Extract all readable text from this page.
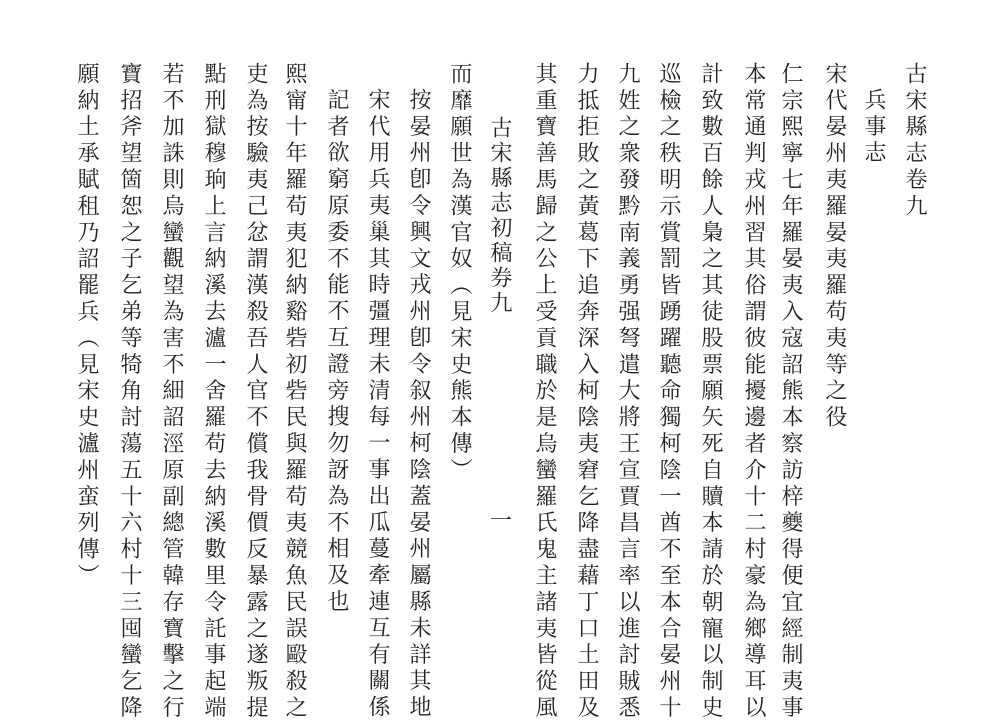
古宋縣志卷九
兵事志
宋代晏州夷羅晏夷羅苟夷等之役
仁宗熙寧七年羅晏夷入寇詔熊本察訪梓夔得便宜經制夷事
本常通判戎州習其俗謂彼能擾邊者介十二村豪為鄉導耳以
計致數百餘人梟之其徒股票願矢死自贖本請於朝寵以制史
巡檢之秩明示賞罰皆踴躍聽命獨柯陰一酋不至本合晏州十
九姓之衆發黔南義勇强弩遣大將王宣賈昌言率以進討賊悉
力抵拒敗之黃葛下追奔深入柯陰夷窘乞降盡藉丁口土田及
其重寶善馬歸之公上受貢職於是烏蠻羅氏鬼主諸夷皆從風
古宋縣志初稿券九
一
而靡願世為漢官奴（見宋史熊本傳）
按晏州卽令興文戎州卽令叙州柯陰蓋晏州屬縣未詳其地
宋代用兵夷巢其時彊理未清每一事出瓜蔓牽連互有關係
記者欲窮原委不能不互證旁搜勿訝為不相及也
熙甯十年羅苟夷犯納谿砦初砦民與羅苟夷競魚民誤毆殺之
吏為按驗夷己忿謂漢殺吾人官不償我骨價反暴露之遂叛提
點刑獄穆珦上言納溪去瀘一舍羅苟去納溪數里令託事起端
若不加誅則烏蠻觀望為害不細詔涇原副總管韓存寶擊之行
寶招斧望箇恕之子乞弟等犄角討蕩五十六村十三囤蠻乞降
願納土承賦租乃詔罷兵（見宋史瀘州蛮列傳）
